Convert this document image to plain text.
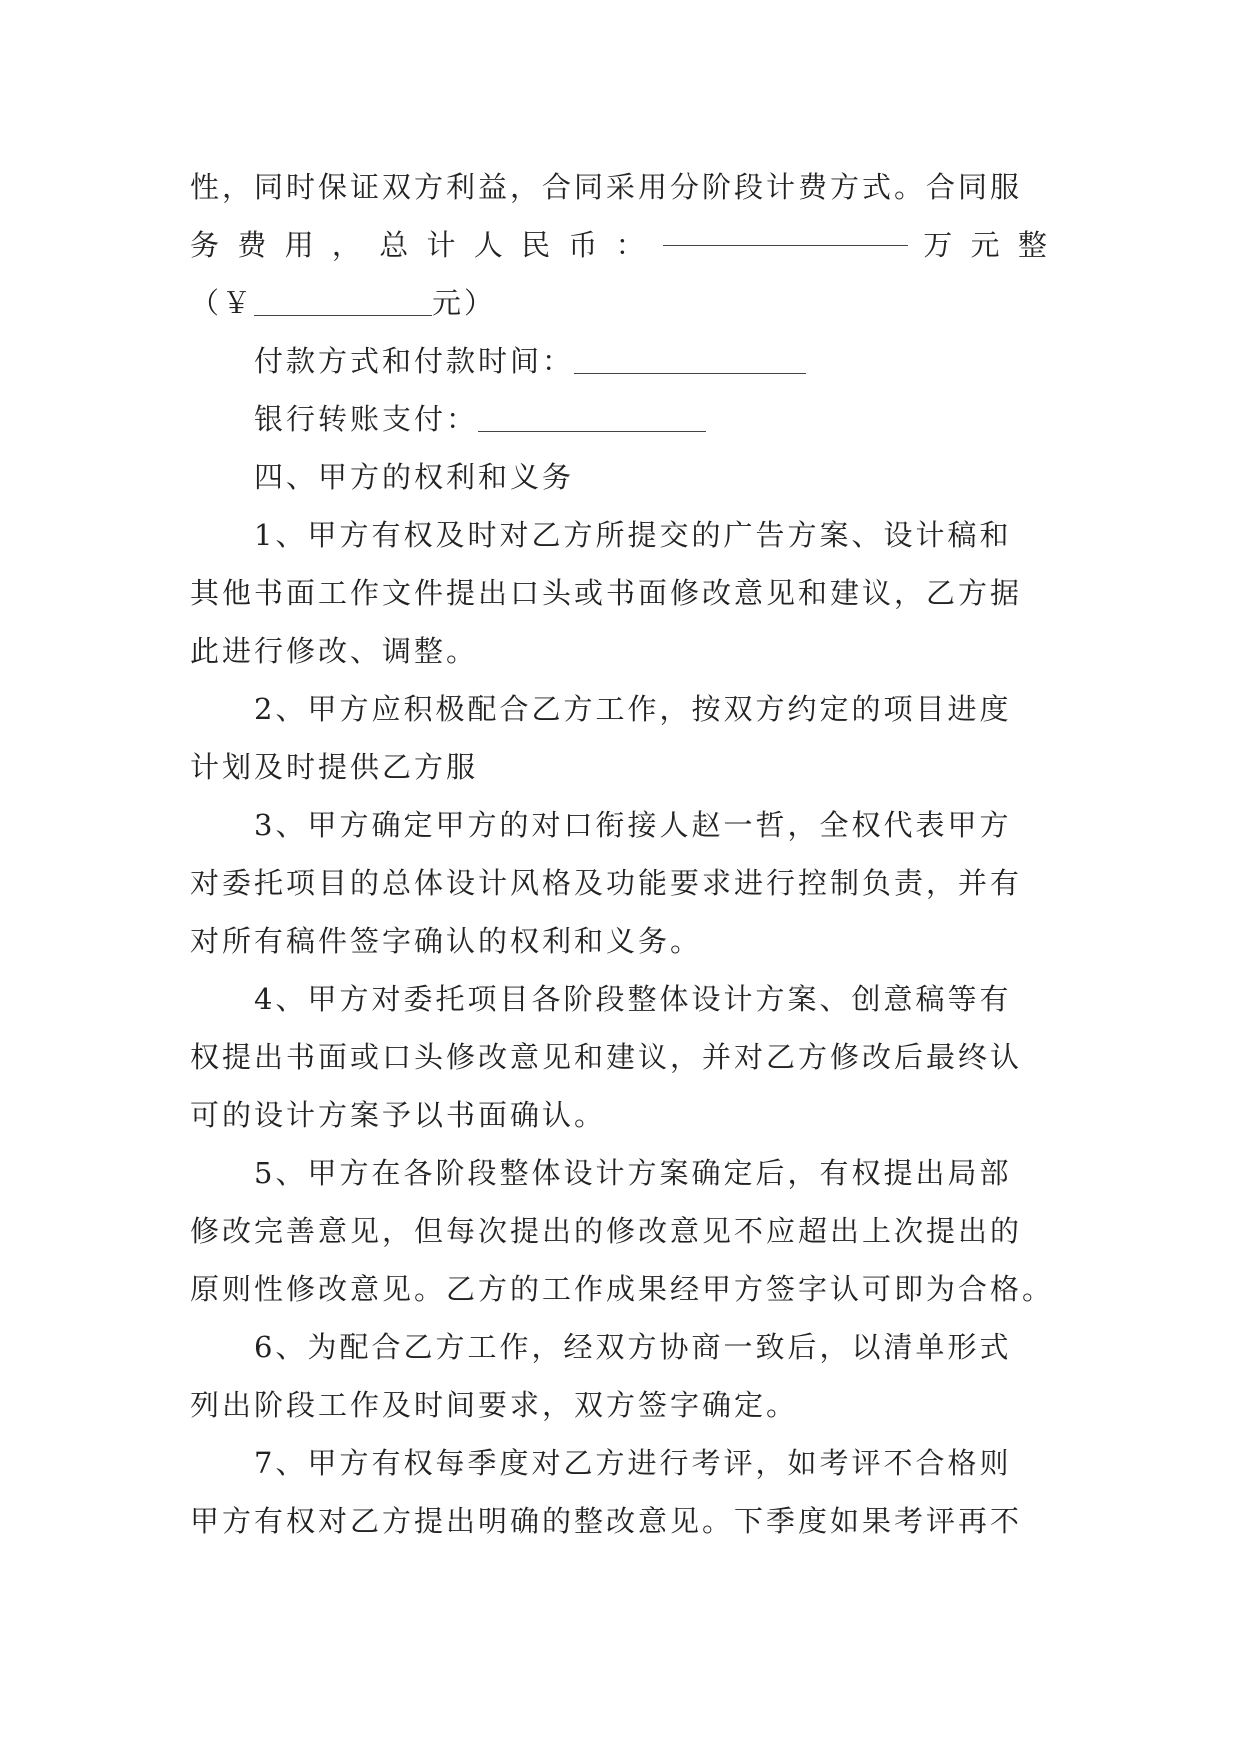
性，同时保证双方利益，合同采用分阶段计费方式。合同服
务 费 用 ， 总 计 人 民 币 ：	万 元 整
（￥	元）
付款方式和付款时间：
银行转账支付：
四、甲方的权利和义务
1、甲方有权及时对乙方所提交的广告方案、设计稿和
其他书面工作文件提出口头或书面修改意见和建议，乙方据
此进行修改、调整。
2、甲方应积极配合乙方工作，按双方约定的项目进度
计划及时提供乙方服
3、甲方确定甲方的对口衔接人赵一哲，全权代表甲方
对委托项目的总体设计风格及功能要求进行控制负责，并有
对所有稿件签字确认的权利和义务。
4、甲方对委托项目各阶段整体设计方案、创意稿等有
权提出书面或口头修改意见和建议，并对乙方修改后最终认
可的设计方案予以书面确认。
5、甲方在各阶段整体设计方案确定后，有权提出局部
修改完善意见，但每次提出的修改意见不应超出上次提出的
原则性修改意见。乙方的工作成果经甲方签字认可即为合格。
6、为配合乙方工作，经双方协商一致后，以清单形式
列出阶段工作及时间要求，双方签字确定。
7、甲方有权每季度对乙方进行考评，如考评不合格则
甲方有权对乙方提出明确的整改意见。下季度如果考评再不
